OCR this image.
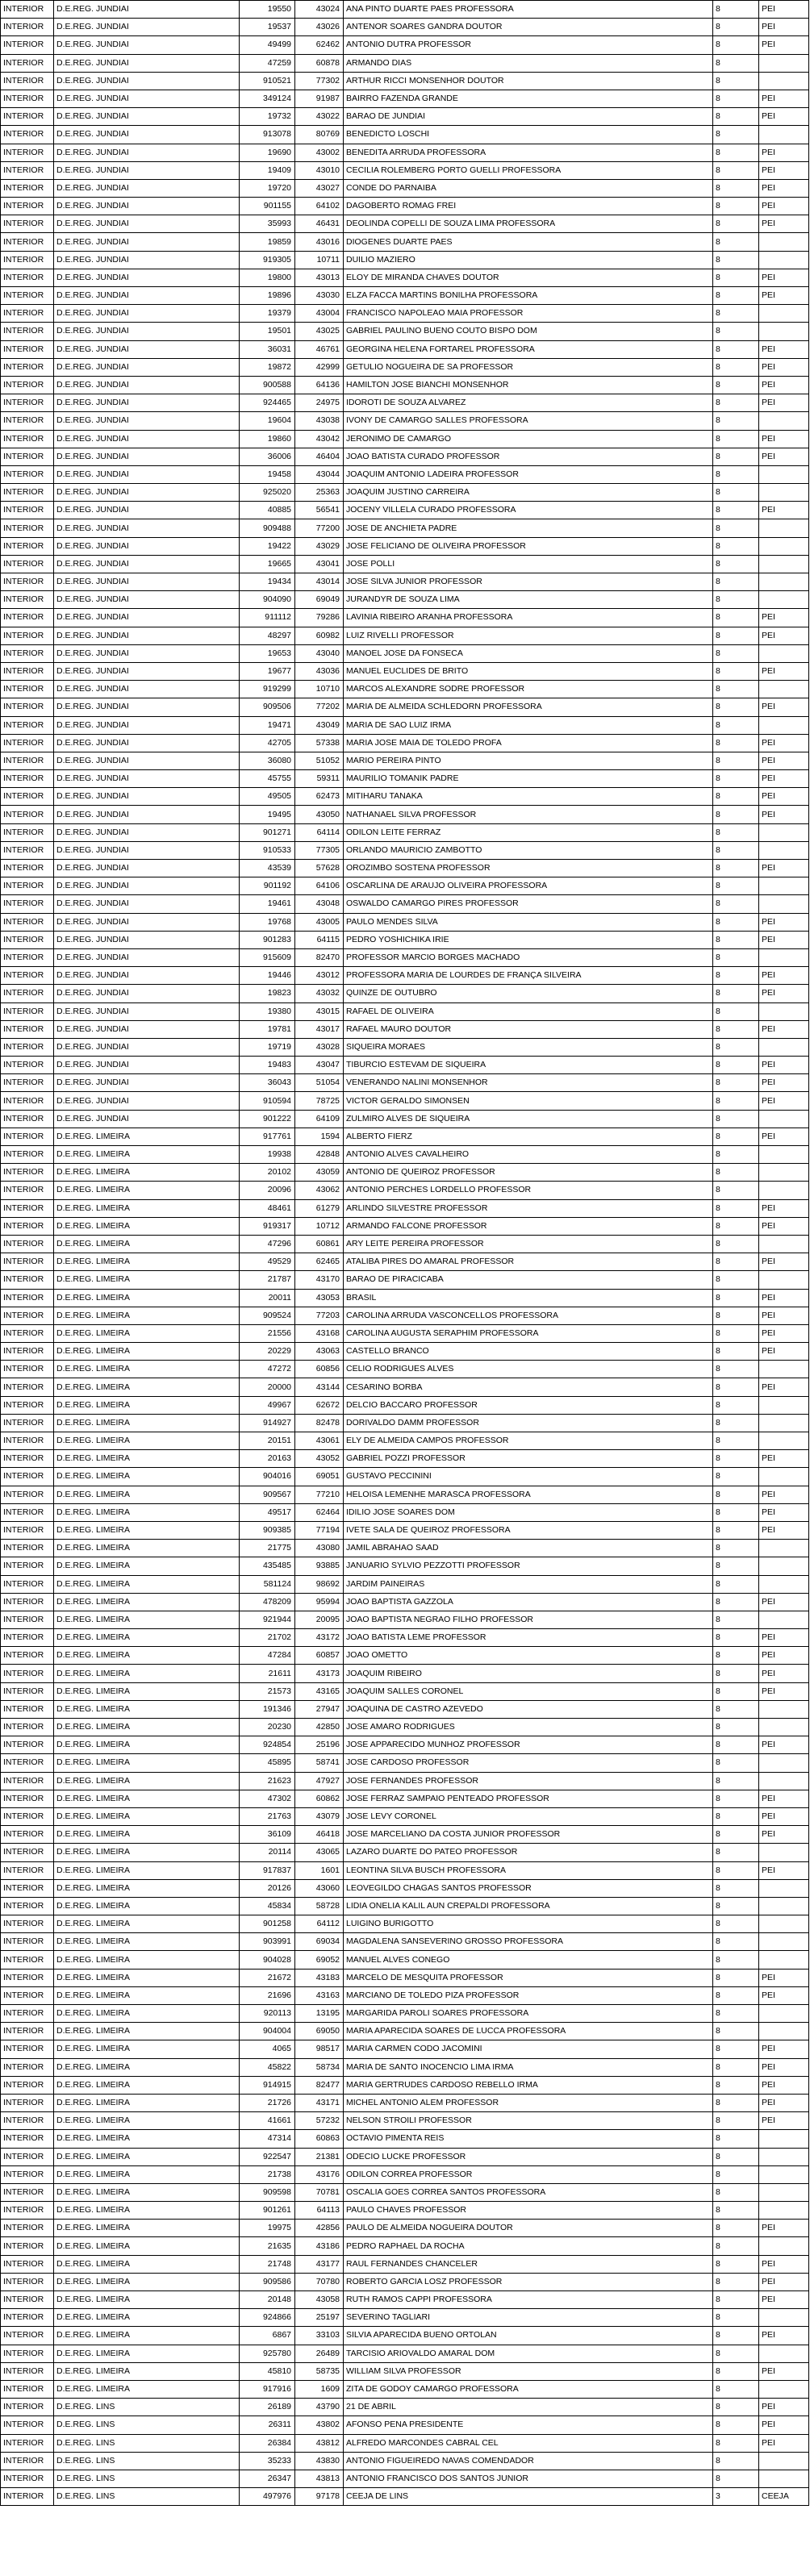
INTERIOR	D.E.REG. JUNDIAI	19550	43024	ANA PINTO DUARTE PAES PROFESSORA	8	PEI
INTERIOR	D.E.REG. JUNDIAI	19537	43026	ANTENOR SOARES GANDRA DOUTOR	8	PEI
INTERIOR	D.E.REG. JUNDIAI	49499	62462	ANTONIO DUTRA PROFESSOR	8	PEI
INTERIOR	D.E.REG. JUNDIAI	47259	60878	ARMANDO DIAS	8	
INTERIOR	D.E.REG. JUNDIAI	910521	77302	ARTHUR RICCI MONSENHOR DOUTOR	8	
INTERIOR	D.E.REG. JUNDIAI	349124	91987	BAIRRO FAZENDA GRANDE	8	PEI
INTERIOR	D.E.REG. JUNDIAI	19732	43022	BARAO DE JUNDIAI	8	PEI
INTERIOR	D.E.REG. JUNDIAI	913078	80769	BENEDICTO LOSCHI	8	
INTERIOR	D.E.REG. JUNDIAI	19690	43002	BENEDITA ARRUDA PROFESSORA	8	PEI
INTERIOR	D.E.REG. JUNDIAI	19409	43010	CECILIA ROLEMBERG PORTO GUELLI PROFESSORA	8	PEI
INTERIOR	D.E.REG. JUNDIAI	19720	43027	CONDE DO PARNAIBA	8	PEI
INTERIOR	D.E.REG. JUNDIAI	901155	64102	DAGOBERTO ROMAG FREI	8	PEI
INTERIOR	D.E.REG. JUNDIAI	35993	46431	DEOLINDA COPELLI DE SOUZA LIMA PROFESSORA	8	PEI
INTERIOR	D.E.REG. JUNDIAI	19859	43016	DIOGENES DUARTE PAES	8	
INTERIOR	D.E.REG. JUNDIAI	919305	10711	DUILIO MAZIERO	8	
INTERIOR	D.E.REG. JUNDIAI	19800	43013	ELOY DE MIRANDA CHAVES DOUTOR	8	PEI
INTERIOR	D.E.REG. JUNDIAI	19896	43030	ELZA FACCA MARTINS BONILHA PROFESSORA	8	PEI
INTERIOR	D.E.REG. JUNDIAI	19379	43004	FRANCISCO NAPOLEAO MAIA PROFESSOR	8	
INTERIOR	D.E.REG. JUNDIAI	19501	43025	GABRIEL PAULINO BUENO COUTO BISPO DOM	8	
INTERIOR	D.E.REG. JUNDIAI	36031	46761	GEORGINA HELENA FORTAREL PROFESSORA	8	PEI
INTERIOR	D.E.REG. JUNDIAI	19872	42999	GETULIO NOGUEIRA DE SA PROFESSOR	8	PEI
INTERIOR	D.E.REG. JUNDIAI	900588	64136	HAMILTON JOSE BIANCHI MONSENHOR	8	PEI
INTERIOR	D.E.REG. JUNDIAI	924465	24975	IDOROTI DE SOUZA ALVAREZ	8	PEI
INTERIOR	D.E.REG. JUNDIAI	19604	43038	IVONY DE CAMARGO SALLES PROFESSORA	8	
INTERIOR	D.E.REG. JUNDIAI	19860	43042	JERONIMO DE CAMARGO	8	PEI
INTERIOR	D.E.REG. JUNDIAI	36006	46404	JOAO BATISTA CURADO PROFESSOR	8	PEI
INTERIOR	D.E.REG. JUNDIAI	19458	43044	JOAQUIM ANTONIO LADEIRA PROFESSOR	8	
INTERIOR	D.E.REG. JUNDIAI	925020	25363	JOAQUIM JUSTINO CARREIRA	8	
INTERIOR	D.E.REG. JUNDIAI	40885	56541	JOCENY VILLELA CURADO PROFESSORA	8	PEI
INTERIOR	D.E.REG. JUNDIAI	909488	77200	JOSE DE ANCHIETA PADRE	8	
INTERIOR	D.E.REG. JUNDIAI	19422	43029	JOSE FELICIANO DE OLIVEIRA PROFESSOR	8	
INTERIOR	D.E.REG. JUNDIAI	19665	43041	JOSE POLLI	8	
INTERIOR	D.E.REG. JUNDIAI	19434	43014	JOSE SILVA JUNIOR PROFESSOR	8	
INTERIOR	D.E.REG. JUNDIAI	904090	69049	JURANDYR DE SOUZA LIMA	8	
INTERIOR	D.E.REG. JUNDIAI	911112	79286	LAVINIA RIBEIRO ARANHA PROFESSORA	8	PEI
INTERIOR	D.E.REG. JUNDIAI	48297	60982	LUIZ RIVELLI PROFESSOR	8	PEI
INTERIOR	D.E.REG. JUNDIAI	19653	43040	MANOEL JOSE DA FONSECA	8	
INTERIOR	D.E.REG. JUNDIAI	19677	43036	MANUEL EUCLIDES DE BRITO	8	PEI
INTERIOR	D.E.REG. JUNDIAI	919299	10710	MARCOS ALEXANDRE SODRE PROFESSOR	8	
INTERIOR	D.E.REG. JUNDIAI	909506	77202	MARIA DE ALMEIDA SCHLEDORN PROFESSORA	8	PEI
INTERIOR	D.E.REG. JUNDIAI	19471	43049	MARIA DE SAO LUIZ IRMA	8	
INTERIOR	D.E.REG. JUNDIAI	42705	57338	MARIA JOSE MAIA DE TOLEDO PROFA	8	PEI
INTERIOR	D.E.REG. JUNDIAI	36080	51052	MARIO PEREIRA PINTO	8	PEI
INTERIOR	D.E.REG. JUNDIAI	45755	59311	MAURILIO TOMANIK PADRE	8	PEI
INTERIOR	D.E.REG. JUNDIAI	49505	62473	MITIHARU TANAKA	8	PEI
INTERIOR	D.E.REG. JUNDIAI	19495	43050	NATHANAEL SILVA PROFESSOR	8	PEI
INTERIOR	D.E.REG. JUNDIAI	901271	64114	ODILON LEITE FERRAZ	8	
INTERIOR	D.E.REG. JUNDIAI	910533	77305	ORLANDO MAURICIO ZAMBOTTO	8	
INTERIOR	D.E.REG. JUNDIAI	43539	57628	OROZIMBO SOSTENA PROFESSOR	8	PEI
INTERIOR	D.E.REG. JUNDIAI	901192	64106	OSCARLINA DE ARAUJO OLIVEIRA PROFESSORA	8	
INTERIOR	D.E.REG. JUNDIAI	19461	43048	OSWALDO CAMARGO PIRES PROFESSOR	8	
INTERIOR	D.E.REG. JUNDIAI	19768	43005	PAULO MENDES SILVA	8	PEI
INTERIOR	D.E.REG. JUNDIAI	901283	64115	PEDRO YOSHICHIKA IRIE	8	PEI
INTERIOR	D.E.REG. JUNDIAI	915609	82470	PROFESSOR MARCIO BORGES MACHADO	8	
INTERIOR	D.E.REG. JUNDIAI	19446	43012	PROFESSORA MARIA DE LOURDES DE FRANÇA SILVEIRA	8	PEI
INTERIOR	D.E.REG. JUNDIAI	19823	43032	QUINZE DE OUTUBRO	8	PEI
INTERIOR	D.E.REG. JUNDIAI	19380	43015	RAFAEL DE OLIVEIRA	8	
INTERIOR	D.E.REG. JUNDIAI	19781	43017	RAFAEL MAURO DOUTOR	8	PEI
INTERIOR	D.E.REG. JUNDIAI	19719	43028	SIQUEIRA MORAES	8	
INTERIOR	D.E.REG. JUNDIAI	19483	43047	TIBURCIO ESTEVAM DE SIQUEIRA	8	PEI
INTERIOR	D.E.REG. JUNDIAI	36043	51054	VENERANDO NALINI MONSENHOR	8	PEI
INTERIOR	D.E.REG. JUNDIAI	910594	78725	VICTOR GERALDO SIMONSEN	8	PEI
INTERIOR	D.E.REG. JUNDIAI	901222	64109	ZULMIRO ALVES DE SIQUEIRA	8	
INTERIOR	D.E.REG. LIMEIRA	917761	1594	ALBERTO FIERZ	8	PEI
INTERIOR	D.E.REG. LIMEIRA	19938	42848	ANTONIO ALVES CAVALHEIRO	8	
INTERIOR	D.E.REG. LIMEIRA	20102	43059	ANTONIO DE QUEIROZ PROFESSOR	8	
INTERIOR	D.E.REG. LIMEIRA	20096	43062	ANTONIO PERCHES LORDELLO PROFESSOR	8	
INTERIOR	D.E.REG. LIMEIRA	48461	61279	ARLINDO SILVESTRE PROFESSOR	8	PEI
INTERIOR	D.E.REG. LIMEIRA	919317	10712	ARMANDO FALCONE PROFESSOR	8	PEI
INTERIOR	D.E.REG. LIMEIRA	47296	60861	ARY LEITE PEREIRA PROFESSOR	8	
INTERIOR	D.E.REG. LIMEIRA	49529	62465	ATALIBA PIRES DO AMARAL PROFESSOR	8	PEI
INTERIOR	D.E.REG. LIMEIRA	21787	43170	BARAO DE PIRACICABA	8	
INTERIOR	D.E.REG. LIMEIRA	20011	43053	BRASIL	8	PEI
INTERIOR	D.E.REG. LIMEIRA	909524	77203	CAROLINA ARRUDA VASCONCELLOS PROFESSORA	8	PEI
INTERIOR	D.E.REG. LIMEIRA	21556	43168	CAROLINA AUGUSTA SERAPHIM PROFESSORA	8	PEI
INTERIOR	D.E.REG. LIMEIRA	20229	43063	CASTELLO BRANCO	8	PEI
INTERIOR	D.E.REG. LIMEIRA	47272	60856	CELIO RODRIGUES ALVES	8	
INTERIOR	D.E.REG. LIMEIRA	20000	43144	CESARINO BORBA	8	PEI
INTERIOR	D.E.REG. LIMEIRA	49967	62672	DELCIO BACCARO PROFESSOR	8	
INTERIOR	D.E.REG. LIMEIRA	914927	82478	DORIVALDO DAMM PROFESSOR	8	
INTERIOR	D.E.REG. LIMEIRA	20151	43061	ELY DE ALMEIDA CAMPOS PROFESSOR	8	
INTERIOR	D.E.REG. LIMEIRA	20163	43052	GABRIEL POZZI PROFESSOR	8	PEI
INTERIOR	D.E.REG. LIMEIRA	904016	69051	GUSTAVO PECCININI	8	
INTERIOR	D.E.REG. LIMEIRA	909567	77210	HELOISA LEMENHE MARASCA PROFESSORA	8	PEI
INTERIOR	D.E.REG. LIMEIRA	49517	62464	IDILIO JOSE SOARES DOM	8	PEI
INTERIOR	D.E.REG. LIMEIRA	909385	77194	IVETE SALA DE QUEIROZ PROFESSORA	8	PEI
INTERIOR	D.E.REG. LIMEIRA	21775	43080	JAMIL ABRAHAO SAAD	8	
INTERIOR	D.E.REG. LIMEIRA	435485	93885	JANUARIO SYLVIO PEZZOTTI PROFESSOR	8	
INTERIOR	D.E.REG. LIMEIRA	581124	98692	JARDIM PAINEIRAS	8	
INTERIOR	D.E.REG. LIMEIRA	478209	95994	JOAO BAPTISTA GAZZOLA	8	PEI
INTERIOR	D.E.REG. LIMEIRA	921944	20095	JOAO BAPTISTA NEGRAO FILHO PROFESSOR	8	
INTERIOR	D.E.REG. LIMEIRA	21702	43172	JOAO BATISTA LEME PROFESSOR	8	PEI
INTERIOR	D.E.REG. LIMEIRA	47284	60857	JOAO OMETTO	8	PEI
INTERIOR	D.E.REG. LIMEIRA	21611	43173	JOAQUIM RIBEIRO	8	PEI
INTERIOR	D.E.REG. LIMEIRA	21573	43165	JOAQUIM SALLES CORONEL	8	PEI
INTERIOR	D.E.REG. LIMEIRA	191346	27947	JOAQUINA DE CASTRO AZEVEDO	8	
INTERIOR	D.E.REG. LIMEIRA	20230	42850	JOSE AMARO RODRIGUES	8	
INTERIOR	D.E.REG. LIMEIRA	924854	25196	JOSE APPARECIDO MUNHOZ PROFESSOR	8	PEI
INTERIOR	D.E.REG. LIMEIRA	45895	58741	JOSE CARDOSO PROFESSOR	8	
INTERIOR	D.E.REG. LIMEIRA	21623	47927	JOSE FERNANDES PROFESSOR	8	
INTERIOR	D.E.REG. LIMEIRA	47302	60862	JOSE FERRAZ SAMPAIO PENTEADO PROFESSOR	8	PEI
INTERIOR	D.E.REG. LIMEIRA	21763	43079	JOSE LEVY CORONEL	8	PEI
INTERIOR	D.E.REG. LIMEIRA	36109	46418	JOSE MARCELIANO DA COSTA JUNIOR PROFESSOR	8	PEI
INTERIOR	D.E.REG. LIMEIRA	20114	43065	LAZARO DUARTE DO PATEO PROFESSOR	8	
INTERIOR	D.E.REG. LIMEIRA	917837	1601	LEONTINA SILVA BUSCH PROFESSORA	8	PEI
INTERIOR	D.E.REG. LIMEIRA	20126	43060	LEOVEGILDO CHAGAS SANTOS PROFESSOR	8	
INTERIOR	D.E.REG. LIMEIRA	45834	58728	LIDIA ONELIA KALIL AUN CREPALDI PROFESSORA	8	
INTERIOR	D.E.REG. LIMEIRA	901258	64112	LUIGINO BURIGOTTO	8	
INTERIOR	D.E.REG. LIMEIRA	903991	69034	MAGDALENA SANSEVERINO GROSSO PROFESSORA	8	
INTERIOR	D.E.REG. LIMEIRA	904028	69052	MANUEL ALVES CONEGO	8	
INTERIOR	D.E.REG. LIMEIRA	21672	43183	MARCELO DE MESQUITA PROFESSOR	8	PEI
INTERIOR	D.E.REG. LIMEIRA	21696	43163	MARCIANO DE TOLEDO PIZA PROFESSOR	8	PEI
INTERIOR	D.E.REG. LIMEIRA	920113	13195	MARGARIDA PAROLI SOARES PROFESSORA	8	
INTERIOR	D.E.REG. LIMEIRA	904004	69050	MARIA APARECIDA SOARES DE LUCCA PROFESSORA	8	
INTERIOR	D.E.REG. LIMEIRA	4065	98517	MARIA CARMEN CODO JACOMINI	8	PEI
INTERIOR	D.E.REG. LIMEIRA	45822	58734	MARIA DE SANTO INOCENCIO LIMA IRMA	8	PEI
INTERIOR	D.E.REG. LIMEIRA	914915	82477	MARIA GERTRUDES CARDOSO REBELLO IRMA	8	PEI
INTERIOR	D.E.REG. LIMEIRA	21726	43171	MICHEL ANTONIO ALEM PROFESSOR	8	PEI
INTERIOR	D.E.REG. LIMEIRA	41661	57232	NELSON STROILI PROFESSOR	8	PEI
INTERIOR	D.E.REG. LIMEIRA	47314	60863	OCTAVIO PIMENTA REIS	8	
INTERIOR	D.E.REG. LIMEIRA	922547	21381	ODECIO LUCKE PROFESSOR	8	
INTERIOR	D.E.REG. LIMEIRA	21738	43176	ODILON CORREA PROFESSOR	8	
INTERIOR	D.E.REG. LIMEIRA	909598	70781	OSCALIA GOES CORREA SANTOS PROFESSORA	8	
INTERIOR	D.E.REG. LIMEIRA	901261	64113	PAULO CHAVES PROFESSOR	8	
INTERIOR	D.E.REG. LIMEIRA	19975	42856	PAULO DE ALMEIDA NOGUEIRA DOUTOR	8	PEI
INTERIOR	D.E.REG. LIMEIRA	21635	43186	PEDRO RAPHAEL DA ROCHA	8	
INTERIOR	D.E.REG. LIMEIRA	21748	43177	RAUL FERNANDES CHANCELER	8	PEI
INTERIOR	D.E.REG. LIMEIRA	909586	70780	ROBERTO GARCIA LOSZ PROFESSOR	8	PEI
INTERIOR	D.E.REG. LIMEIRA	20148	43058	RUTH RAMOS CAPPI PROFESSORA	8	PEI
INTERIOR	D.E.REG. LIMEIRA	924866	25197	SEVERINO TAGLIARI	8	
INTERIOR	D.E.REG. LIMEIRA	6867	33103	SILVIA APARECIDA BUENO ORTOLAN	8	PEI
INTERIOR	D.E.REG. LIMEIRA	925780	26489	TARCISIO ARIOVALDO AMARAL DOM	8	
INTERIOR	D.E.REG. LIMEIRA	45810	58735	WILLIAM SILVA PROFESSOR	8	PEI
INTERIOR	D.E.REG. LIMEIRA	917916	1609	ZITA DE GODOY CAMARGO PROFESSORA	8	
INTERIOR	D.E.REG. LINS	26189	43790	21 DE ABRIL	8	PEI
INTERIOR	D.E.REG. LINS	26311	43802	AFONSO PENA PRESIDENTE	8	PEI
INTERIOR	D.E.REG. LINS	26384	43812	ALFREDO MARCONDES CABRAL CEL	8	PEI
INTERIOR	D.E.REG. LINS	35233	43830	ANTONIO FIGUEIREDO NAVAS COMENDADOR	8	
INTERIOR	D.E.REG. LINS	26347	43813	ANTONIO FRANCISCO DOS SANTOS JUNIOR	8	
INTERIOR	D.E.REG. LINS	497976	97178	CEEJA DE LINS	3	CEEJA
